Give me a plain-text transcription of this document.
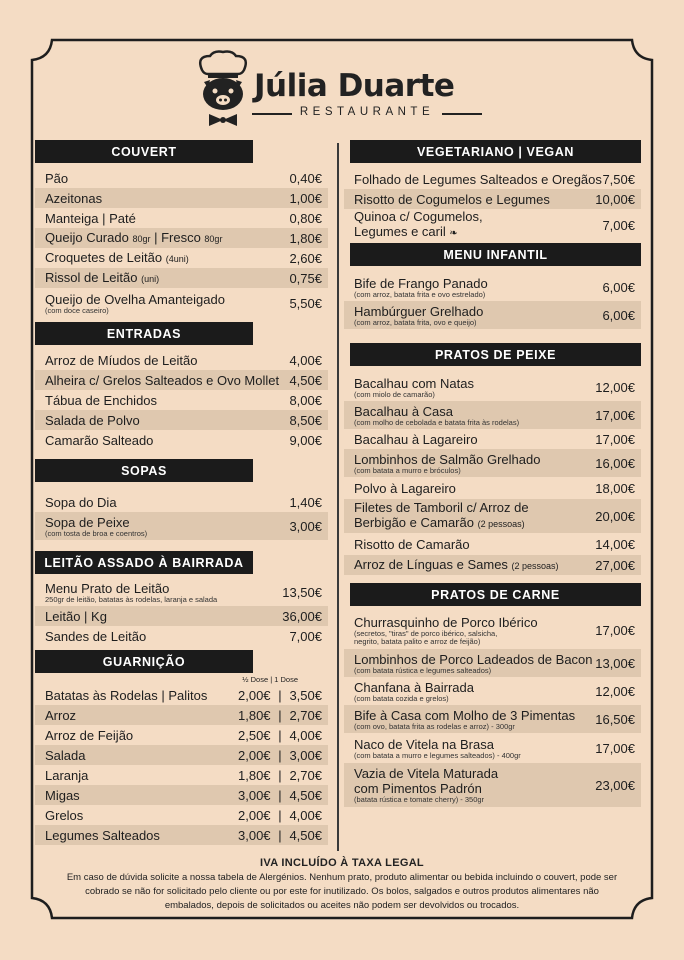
Júlia Duarte
RESTAURANTE
COUVERT
Pão	0,40€
Azeitonas	1,00€
Manteiga | Paté	0,80€
Queijo Curado 80gr | Fresco 80gr	1,80€
Croquetes de Leitão (4uni)	2,60€
Rissol de Leitão (uni)	0,75€
Queijo de Ovelha Amanteigado
(com doce caseiro)	5,50€
ENTRADAS
Arroz de Míudos de Leitão	4,00€
Alheira c/ Grelos Salteados e Ovo Mollet 4,50€
Tábua de Enchidos	8,00€
Salada de Polvo	8,50€
Camarão Salteado	9,00€
SOPAS
Sopa do Dia	1,40€
Sopa de Peixe
(com tosta de broa e coentros)	3,00€
LEITÃO ASSADO À BAIRRADA
Menu Prato de Leitão
250gr de leitão, batatas às rodelas, laranja e salada	13,50€
Leitão | Kg	36,00€
Sandes de Leitão	7,00€
GUARNIÇÃO
½ Dose | 1 Dose
Batatas às Rodelas | Palitos	2,00€ | 3,50€
Arroz	1,80€ | 2,70€
Arroz de Feijão	2,50€ | 4,00€
Salada	2,00€ | 3,00€
Laranja	1,80€ | 2,70€
Migas	3,00€ | 4,50€
Grelos	2,00€ | 4,00€
Legumes Salteados	3,00€ | 4,50€
VEGETARIANO | VEGAN
Folhado de Legumes Salteados e Oregãos 7,50€
Risotto de Cogumelos e Legumes	10,00€
Quinoa c/ Cogumelos,
Legumes e caril ❧
7,00€
MENU INFANTIL
Bife de Frango Panado
(com arroz, batata frita e ovo estrelado)	6,00€
Hambúrguer Grelhado
(com arroz, batata frita, ovo e queijo)	6,00€
PRATOS DE PEIXE
Bacalhau com Natas
(com miolo de camarão)	12,00€
Bacalhau à Casa
(com molho de cebolada e batata frita às rodelas)	17,00€
Bacalhau à Lagareiro	17,00€
Lombinhos de Salmão Grelhado
(com batata a murro e bróculos)	16,00€
Polvo à Lagareiro	18,00€
Filetes de Tamboril c/ Arroz de
Berbigão e Camarão (2 pessoas)
20,00€
Risotto de Camarão	14,00€
Arroz de Línguas e Sames (2 pessoas)	27,00€
PRATOS DE CARNE
Churrasquinho de Porco Ibérico
(secretos, "tiras" de porco ibérico, salsicha,
negrito, batata palito e arroz de feijão)
17,00€
Lombinhos de Porco Ladeados de Bacon
(com batata rústica e legumes salteados)	13,00€
Chanfana à Bairrada
(com batata cozida e grelos)	12,00€
Bife à Casa com Molho de 3 Pimentas
(com ovo, batata frita as rodelas e arroz) - 300gr	16,50€
Naco de Vitela na Brasa
(com batata a murro e legumes salteados) - 400gr	17,00€
Vazia de Vitela Maturada
com Pimentos Padrón
(batata rústica e tomate cherry) - 350gr
23,00€
IVA INCLUÍDO À TAXA LEGAL
Em caso de dúvida solicite a nossa tabela de Alergénios. Nenhum prato, produto alimentar ou bebida incluindo o couvert, pode ser
cobrado se não for solicitado pelo cliente ou por este for inutilizado. Os bolos, salgados e outros produtos alimentares não
embalados, depois de solicitados ou aceites não podem ser devolvidos ou trocados.
